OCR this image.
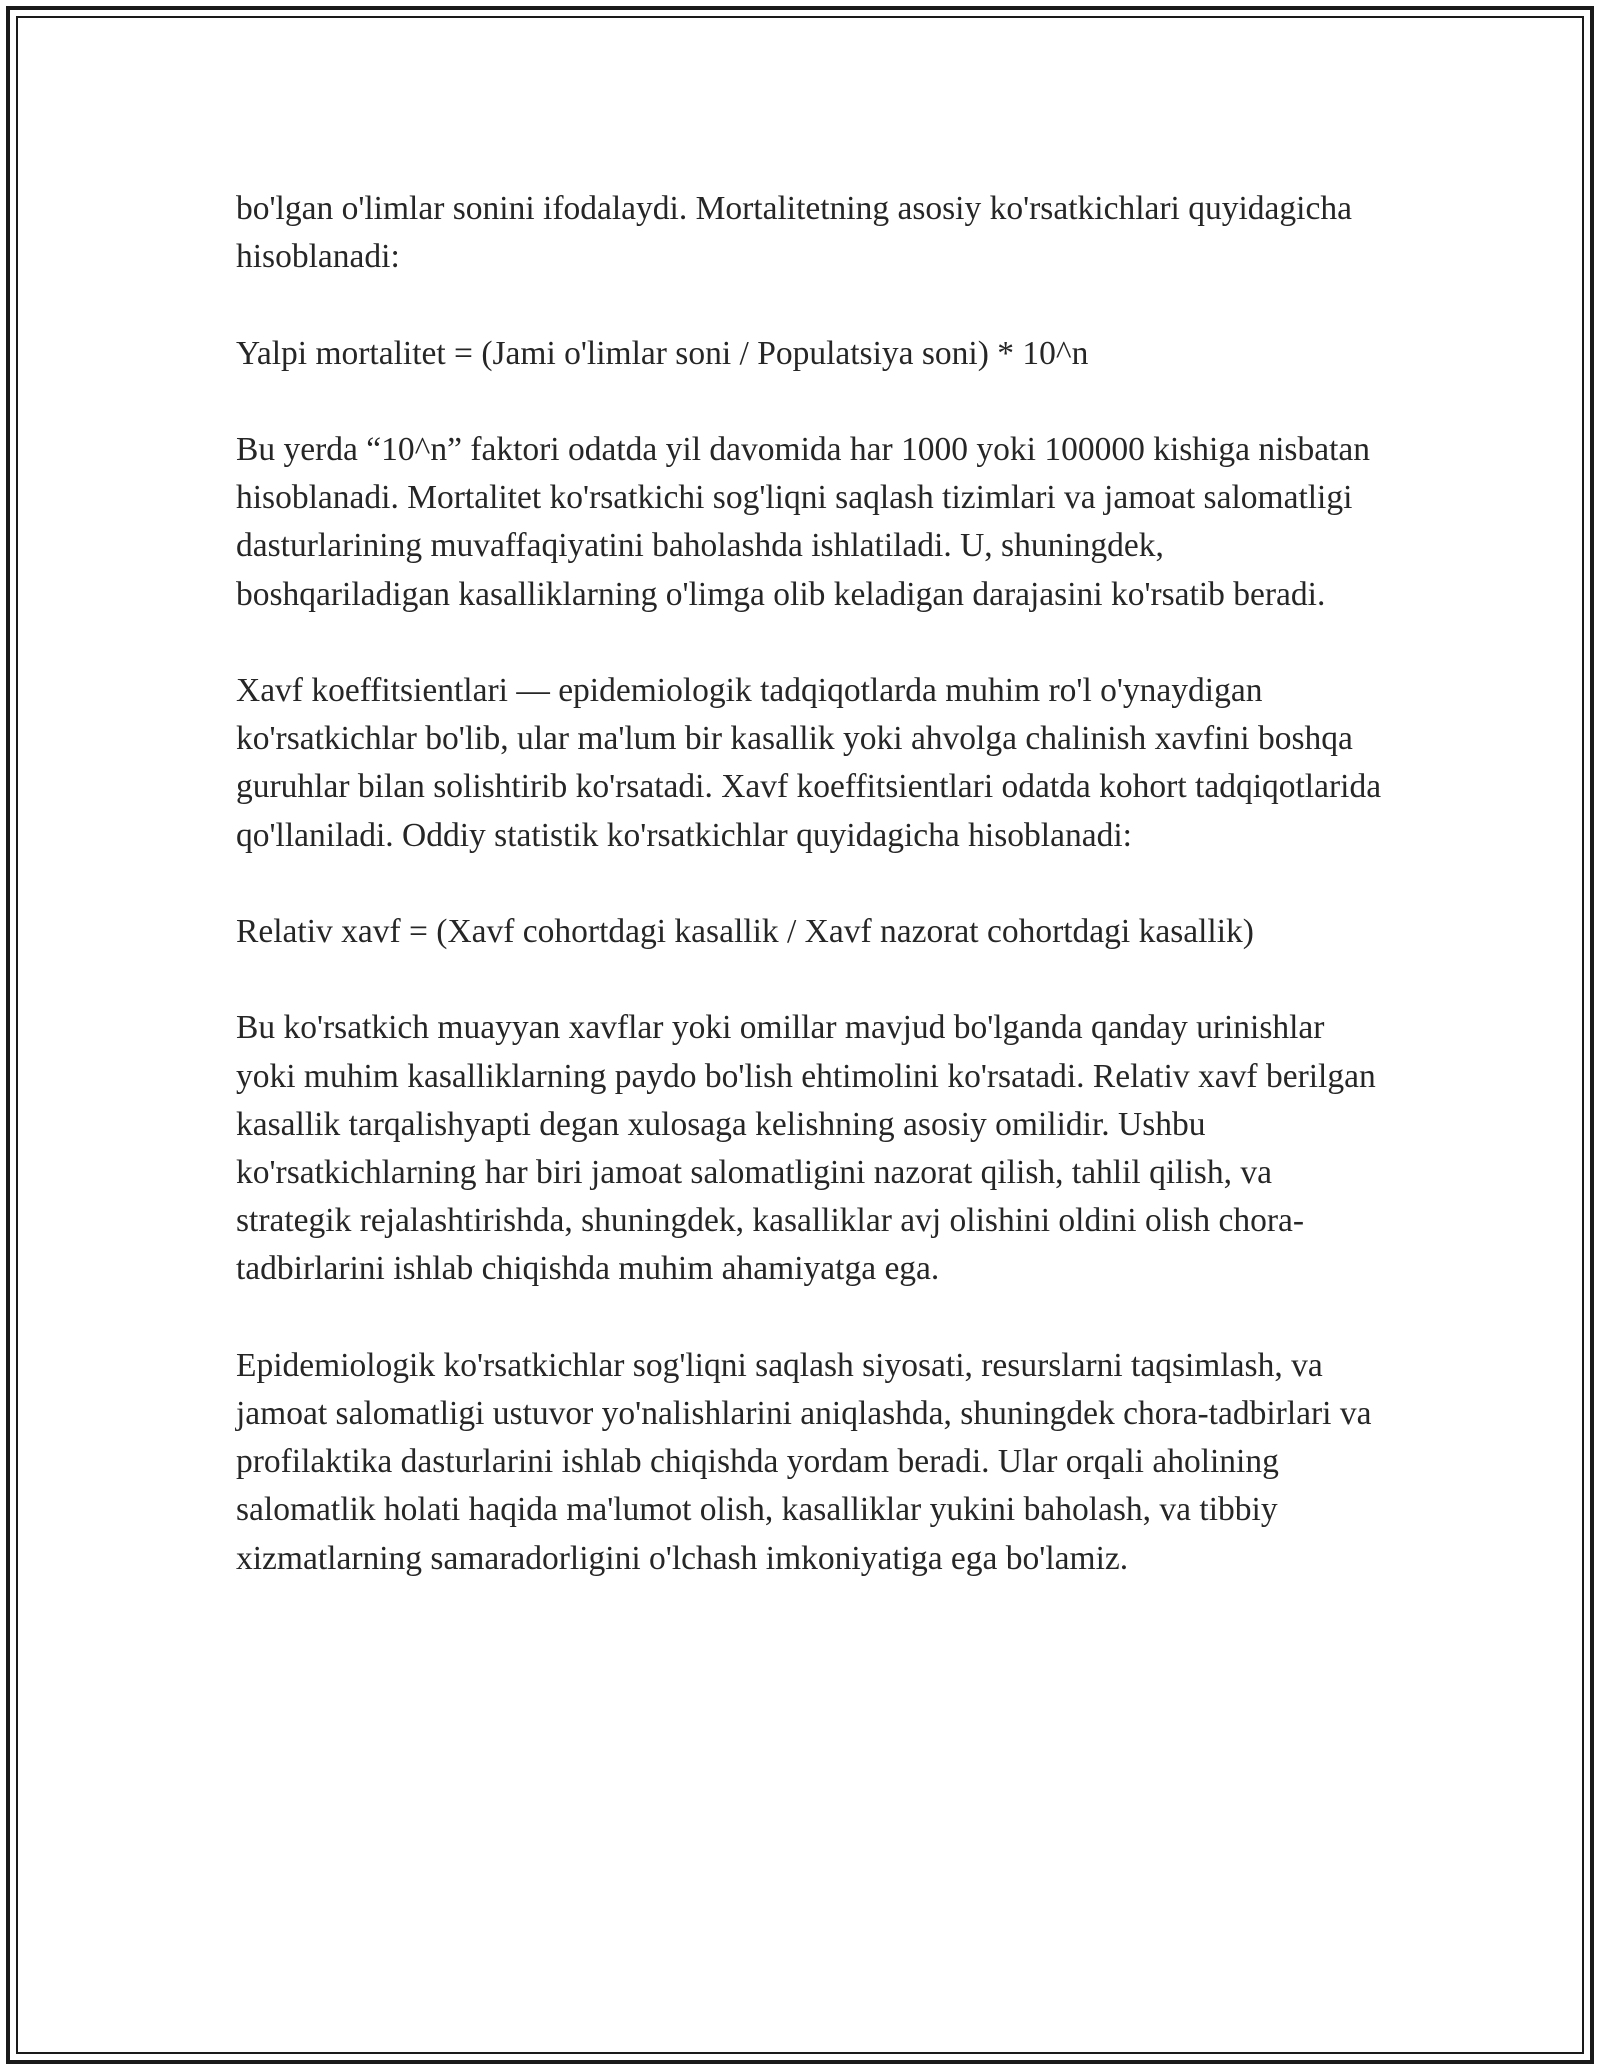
bo'lgan o'limlar sonini ifodalaydi. Mortalitetning asosiy ko'rsatkichlari quyidagicha hisoblanadi:

Yalpi mortalitet = (Jami o'limlar soni / Populatsiya soni) * 10^n

Bu yerda “10^n” faktori odatda yil davomida har 1000 yoki 100000 kishiga nisbatan hisoblanadi. Mortalitet ko'rsatkichi sog'liqni saqlash tizimlari va jamoat salomatligi dasturlarining muvaffaqiyatini baholashda ishlatiladi. U, shuningdek, boshqariladigan kasalliklarning o'limga olib keladigan darajasini ko'rsatib beradi.

Xavf koeffitsientlari — epidemiologik tadqiqotlarda muhim ro'l o'ynaydigan ko'rsatkichlar bo'lib, ular ma'lum bir kasallik yoki ahvolga chalinish xavfini boshqa guruhlar bilan solishtirib ko'rsatadi. Xavf koeffitsientlari odatda kohort tadqiqotlarida qo'llaniladi. Oddiy statistik ko'rsatkichlar quyidagicha hisoblanadi:

Relativ xavf = (Xavf cohortdagi kasallik / Xavf nazorat cohortdagi kasallik)

Bu ko'rsatkich muayyan xavflar yoki omillar mavjud bo'lganda qanday urinishlar yoki muhim kasalliklarning paydo bo'lish ehtimolini ko'rsatadi. Relativ xavf berilgan kasallik tarqalishyapti degan xulosaga kelishning asosiy omilidir. Ushbu ko'rsatkichlarning har biri jamoat salomatligini nazorat qilish, tahlil qilish, va strategik rejalashtirishda, shuningdek, kasalliklar avj olishini oldini olish chora-tadbirlarini ishlab chiqishda muhim ahamiyatga ega.

Epidemiologik ko'rsatkichlar sog'liqni saqlash siyosati, resurslarni taqsimlash, va jamoat salomatligi ustuvor yo'nalishlarini aniqlashda, shuningdek chora-tadbirlari va profilaktika dasturlarini ishlab chiqishda yordam beradi. Ular orqali aholining salomatlik holati haqida ma'lumot olish, kasalliklar yukini baholash, va tibbiy xizmatlarning samaradorligini o'lchash imkoniyatiga ega bo'lamiz.
